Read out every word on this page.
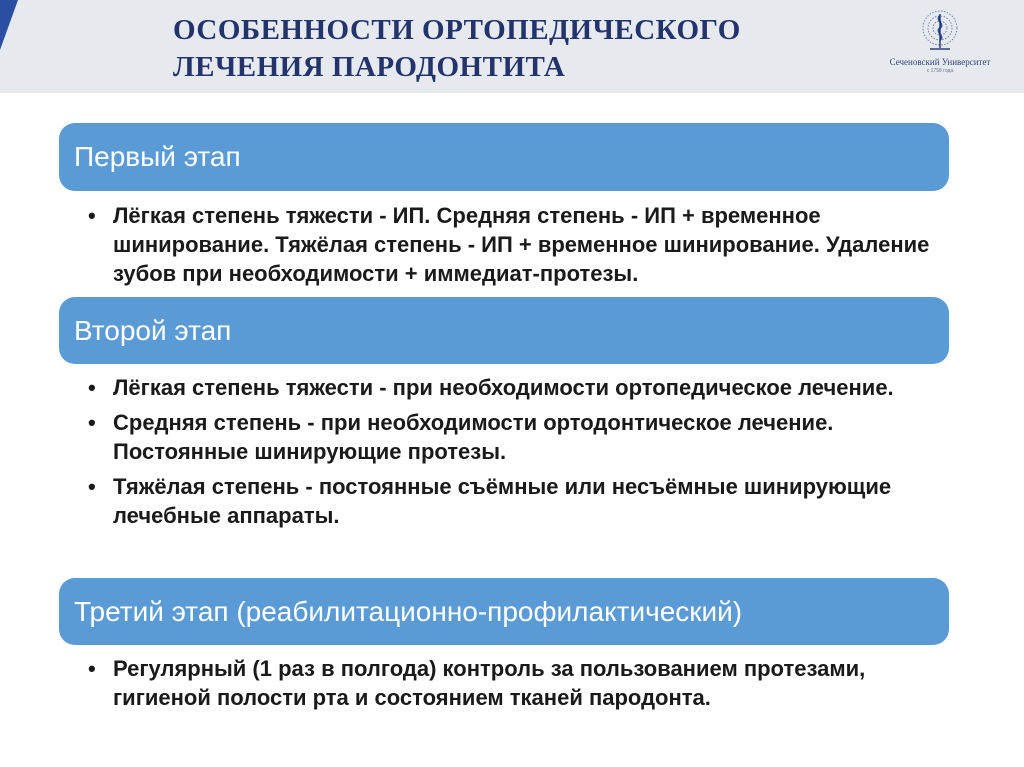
ОСОБЕННОСТИ ОРТОПЕДИЧЕСКОГО
ЛЕЧЕНИЯ ПАРОДОНТИТА	Сеченовский Университет
с 1758 года
Первый этап
• Лёгкая степень тяжести - ИП. Средняя степень - ИП + временное шинирование. Тяжёлая степень - ИП + временное шинирование. Удаление зубов при необходимости + иммедиат-протезы.
Второй этап
• Лёгкая степень тяжести - при необходимости ортопедическое лечение.
• Средняя степень - при необходимости ортодонтическое лечение. Постоянные шинирующие протезы.
• Тяжёлая степень - постоянные съёмные или несъёмные шинирующие лечебные аппараты.
Третий этап (реабилитационно-профилактический)
• Регулярный (1 раз в полгода) контроль за пользованием протезами, гигиеной полости рта и состоянием тканей пародонта.
